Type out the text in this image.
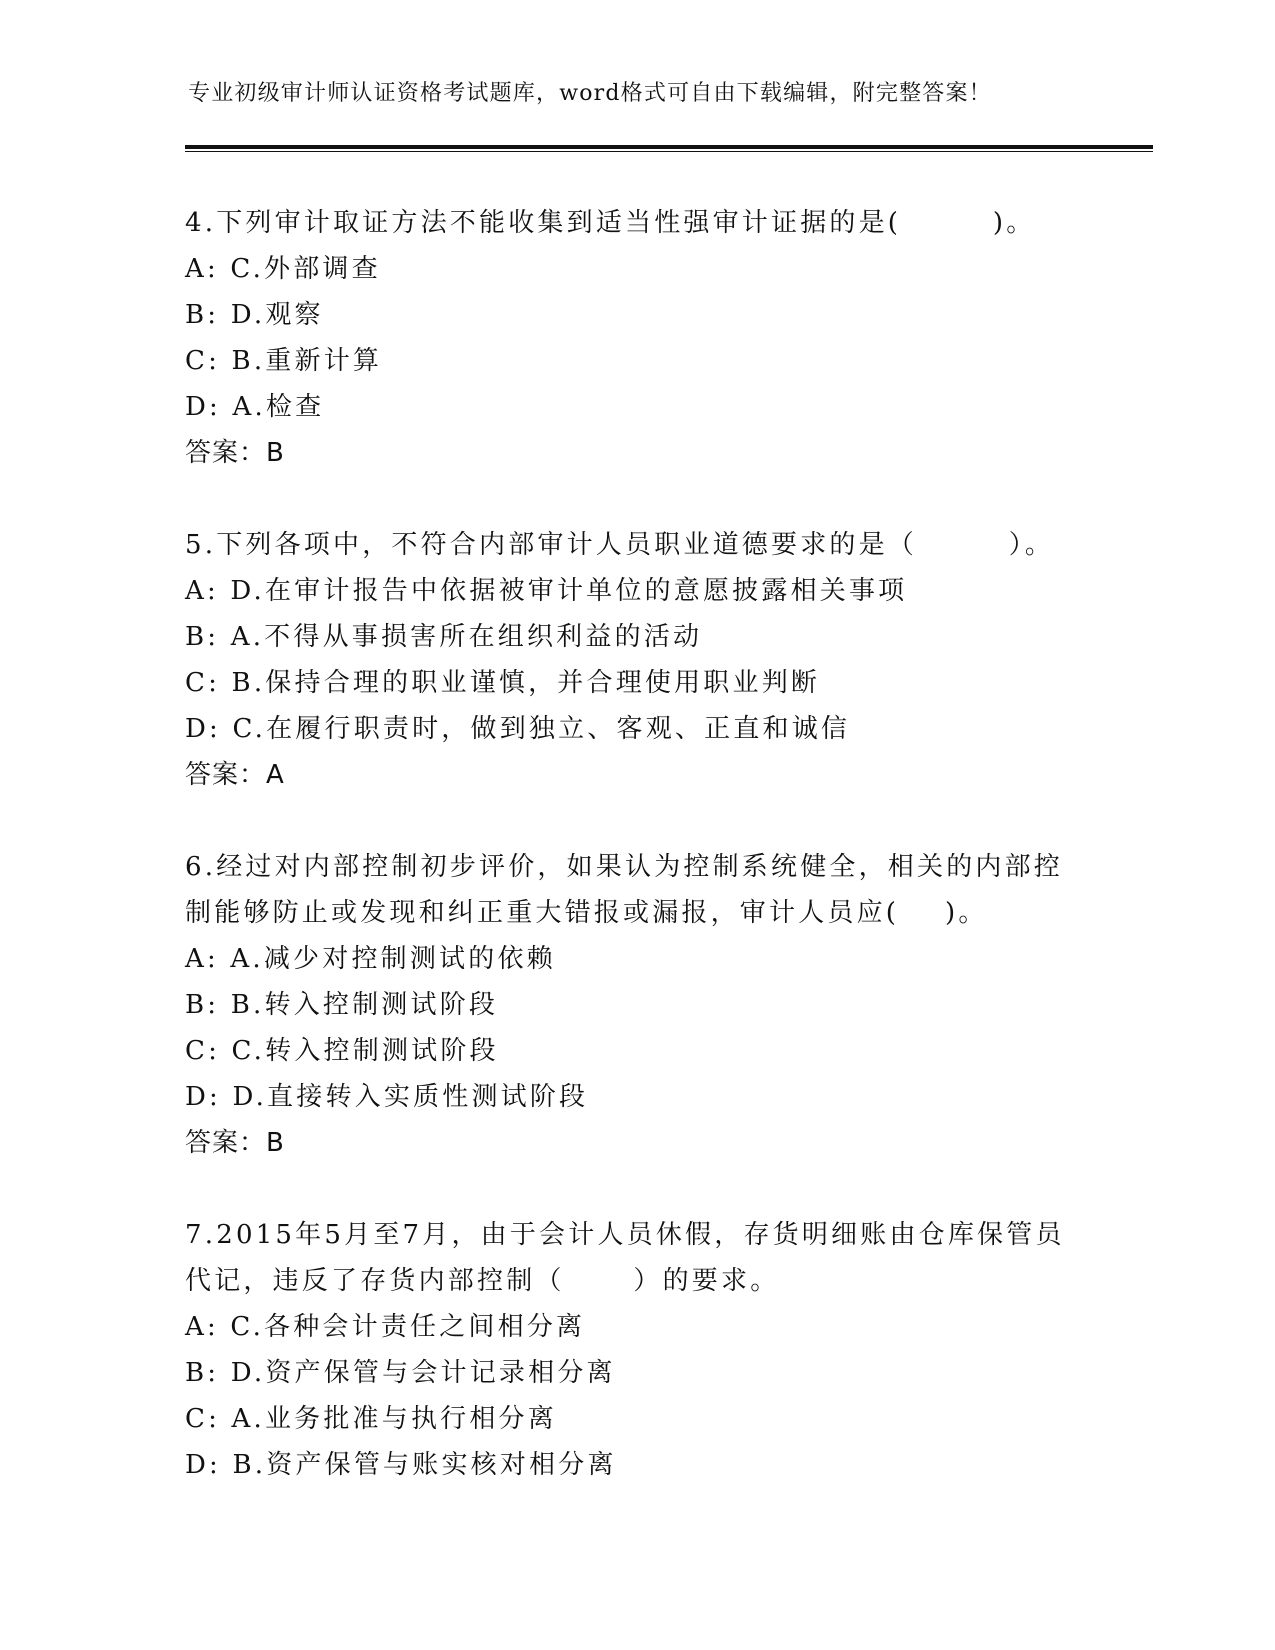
专业初级审计师认证资格考试题库，word格式可自由下载编辑，附完整答案！
4.下列审计取证方法不能收集到适当性强审计证据的是(        )。
A: C.外部调查
B: D.观察
C: B.重新计算
D: A.检查
答案：B
5.下列各项中，不符合内部审计人员职业道德要求的是（        ）。
A: D.在审计报告中依据被审计单位的意愿披露相关事项
B: A.不得从事损害所在组织利益的活动
C: B.保持合理的职业谨慎，并合理使用职业判断
D: C.在履行职责时，做到独立、客观、正直和诚信
答案：A
6.经过对内部控制初步评价，如果认为控制系统健全，相关的内部控
制能够防止或发现和纠正重大错报或漏报，审计人员应(    )。
A: A.减少对控制测试的依赖
B: B.转入控制测试阶段
C: C.转入控制测试阶段
D: D.直接转入实质性测试阶段
答案：B
7.2015年5月至7月，由于会计人员休假，存货明细账由仓库保管员
代记，违反了存货内部控制（      ）的要求。
A: C.各种会计责任之间相分离
B: D.资产保管与会计记录相分离
C: A.业务批准与执行相分离
D: B.资产保管与账实核对相分离
